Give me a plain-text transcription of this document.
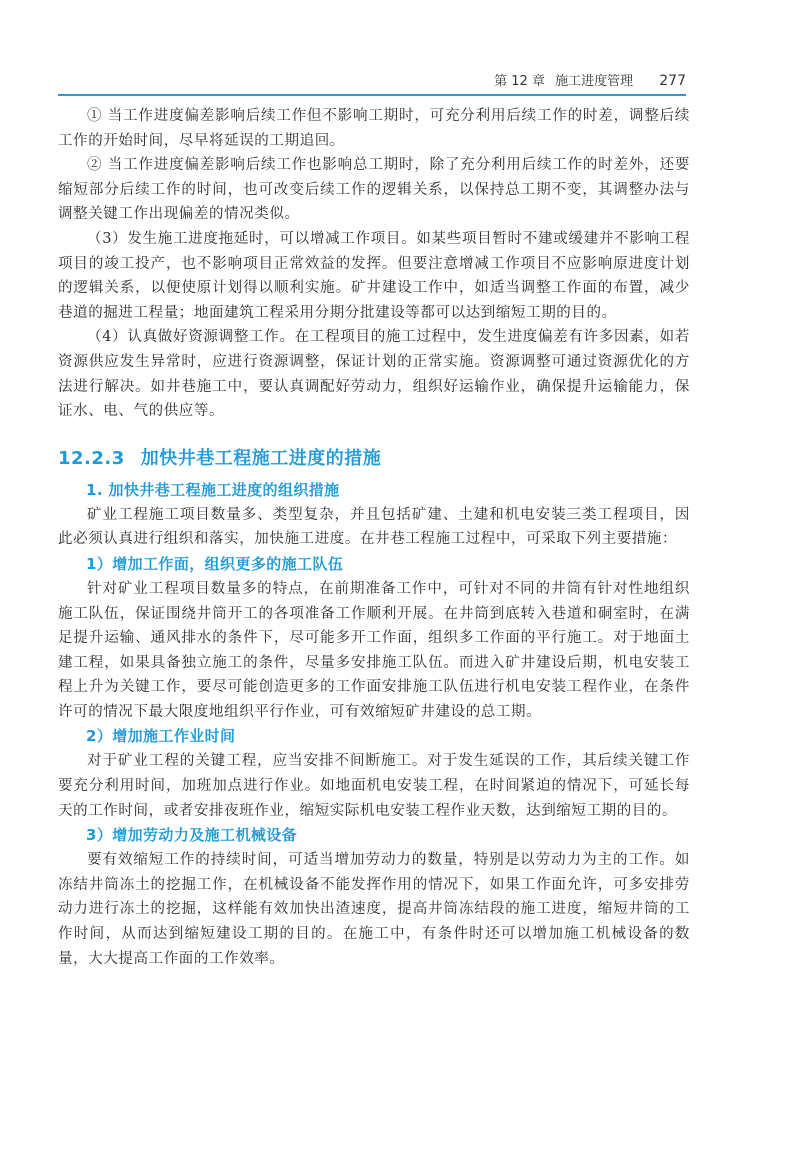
第 12 章 施工进度管理 277

① 当工作进度偏差影响后续工作但不影响工期时，可充分利用后续工作的时差，调整后续工作的开始时间，尽早将延误的工期追回。

② 当工作进度偏差影响后续工作也影响总工期时，除了充分利用后续工作的时差外，还要缩短部分后续工作的时间，也可改变后续工作的逻辑关系，以保持总工期不变，其调整办法与调整关键工作出现偏差的情况类似。

（3）发生施工进度拖延时，可以增减工作项目。如某些项目暂时不建或缓建并不影响工程项目的竣工投产，也不影响项目正常效益的发挥。但要注意增减工作项目不应影响原进度计划的逻辑关系，以便使原计划得以顺利实施。矿井建设工作中，如适当调整工作面的布置，减少巷道的掘进工程量；地面建筑工程采用分期分批建设等都可以达到缩短工期的目的。

（4）认真做好资源调整工作。在工程项目的施工过程中，发生进度偏差有许多因素，如若资源供应发生异常时，应进行资源调整，保证计划的正常实施。资源调整可通过资源优化的方法进行解决。如井巷施工中，要认真调配好劳动力，组织好运输作业，确保提升运输能力，保证水、电、气的供应等。

12.2.3 加快井巷工程施工进度的措施
1. 加快井巷工程施工进度的组织措施

矿业工程施工项目数量多、类型复杂，并且包括矿建、土建和机电安装三类工程项目，因此必须认真进行组织和落实，加快施工进度。在井巷工程施工过程中，可采取下列主要措施：

1）增加工作面，组织更多的施工队伍

针对矿业工程项目数量多的特点，在前期准备工作中，可针对不同的井筒有针对性地组织施工队伍，保证围绕井筒开工的各项准备工作顺利开展。在井筒到底转入巷道和硐室时，在满足提升运输、通风排水的条件下，尽可能多开工作面，组织多工作面的平行施工。对于地面土建工程，如果具备独立施工的条件，尽量多安排施工队伍。而进入矿井建设后期，机电安装工程上升为关键工作，要尽可能创造更多的工作面安排施工队伍进行机电安装工程作业，在条件许可的情况下最大限度地组织平行作业，可有效缩短矿井建设的总工期。

2）增加施工作业时间

对于矿业工程的关键工程，应当安排不间断施工。对于发生延误的工作，其后续关键工作要充分利用时间，加班加点进行作业。如地面机电安装工程，在时间紧迫的情况下，可延长每天的工作时间，或者安排夜班作业，缩短实际机电安装工程作业天数，达到缩短工期的目的。

3）增加劳动力及施工机械设备

要有效缩短工作的持续时间，可适当增加劳动力的数量，特别是以劳动力为主的工作。如冻结井筒冻土的挖掘工作，在机械设备不能发挥作用的情况下，如果工作面允许，可多安排劳动力进行冻土的挖掘，这样能有效加快出渣速度，提高井筒冻结段的施工进度，缩短井筒的工作时间，从而达到缩短建设工期的目的。在施工中，有条件时还可以增加施工机械设备的数量，大大提高工作面的工作效率。
